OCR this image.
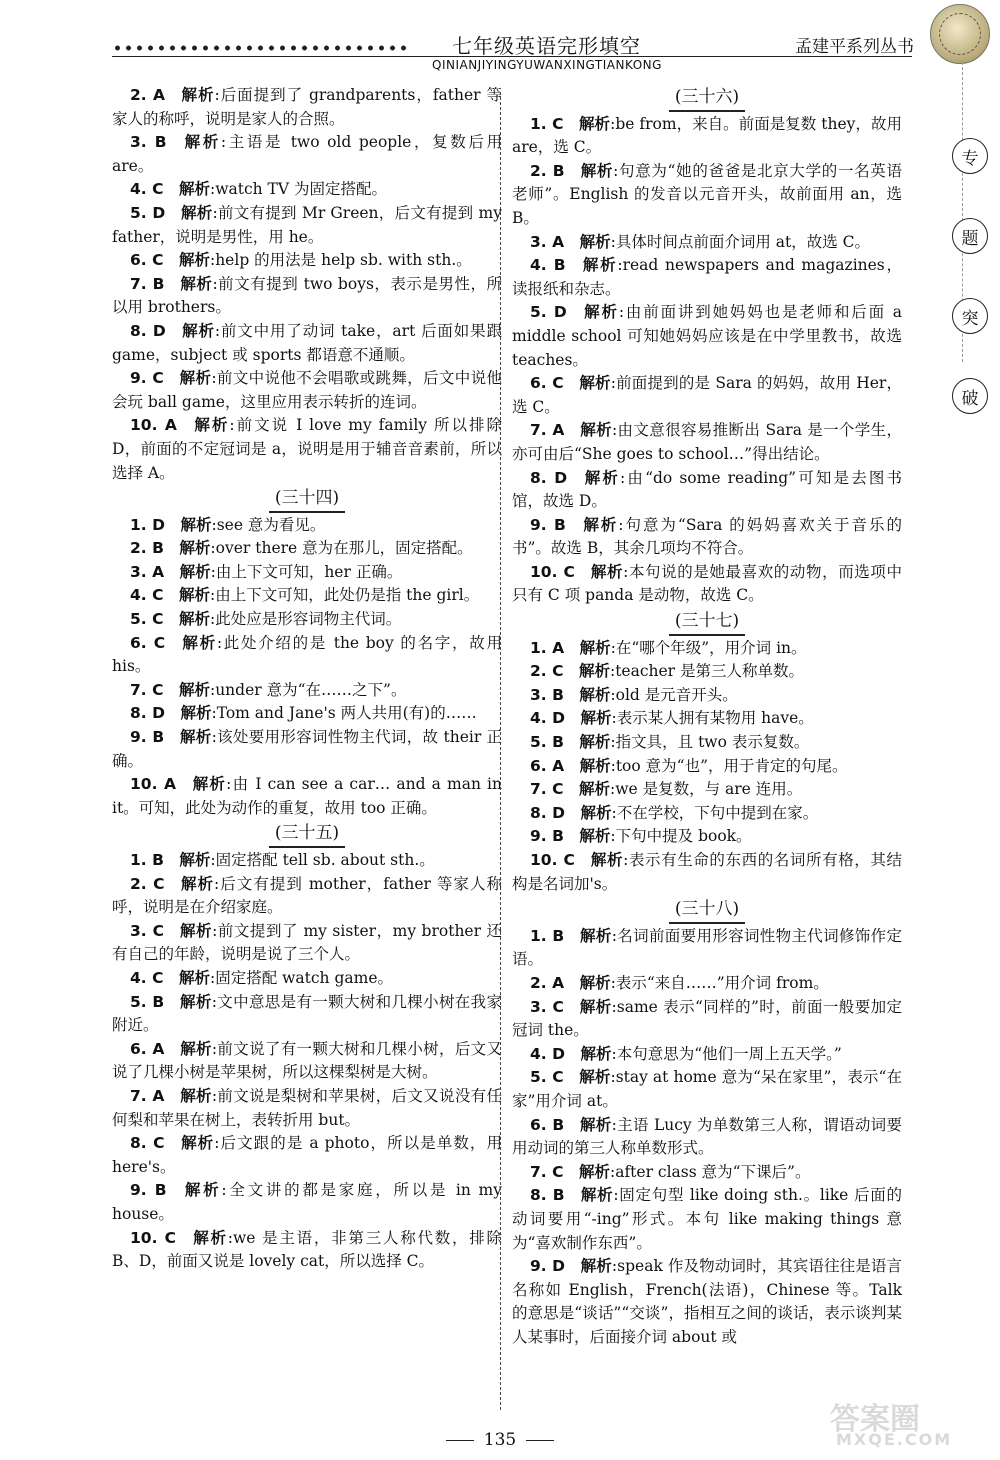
七年级英语完形填空	孟建平系列丛书
QINIANJIYINGYUWANXINGTIANKONG
专
题
突
破

2. A   解析:后面提到了 grandparents，father 等家人的称呼，说明是家人的合照。

3. B   解析:主语是 two old people，复数后用 are。

4. C   解析:watch TV 为固定搭配。

5. D   解析:前文有提到 Mr Green，后文有提到 my father，说明是男性，用 he。

6. C   解析:help 的用法是 help sb. with sth.。

7. B   解析:前文有提到 two boys，表示是男性，所以用 brothers。

8. D   解析:前文中用了动词 take，art 后面如果跟 game，subject 或 sports 都语意不通顺。

9. C   解析:前文中说他不会唱歌或跳舞，后文中说他会玩 ball game，这里应用表示转折的连词。

10. A   解析:前文说 I love my family 所以排除 D，前面的不定冠词是 a，说明是用于辅音音素前，所以选择 A。

(三十四)

1. D   解析:see 意为看见。

2. B   解析:over there 意为在那儿，固定搭配。

3. A   解析:由上下文可知，her 正确。

4. C   解析:由上下文可知，此处仍是指 the girl。

5. C   解析:此处应是形容词物主代词。

6. C   解析:此处介绍的是 the boy 的名字，故用 his。

7. C   解析:under 意为“在……之下”。

8. D   解析:Tom and Jane's 两人共用(有)的……

9. B   解析:该处要用形容词性物主代词，故 their 正确。

10. A   解析:由 I can see a car… and a man in it。可知，此处为动作的重复，故用 too 正确。

(三十五)

1. B   解析:固定搭配 tell sb. about sth.。

2. C   解析:后文有提到 mother，father 等家人称呼，说明是在介绍家庭。

3. C   解析:前文提到了 my sister，my brother 还有自己的年龄，说明是说了三个人。

4. C   解析:固定搭配 watch game。

5. B   解析:文中意思是有一颗大树和几棵小树在我家附近。

6. A   解析:前文说了有一颗大树和几棵小树，后文又说了几棵小树是苹果树，所以这棵梨树是大树。

7. A   解析:前文说是梨树和苹果树，后文又说没有任何梨和苹果在树上，表转折用 but。

8. C   解析:后文跟的是 a photo，所以是单数，用 here's。

9. B   解析:全文讲的都是家庭，所以是 in my house。

10. C   解析:we 是主语，非第三人称代数，排除 B、D，前面又说是 lovely cat，所以选择 C。

(三十六)

1. C   解析:be from，来自。前面是复数 they，故用 are，选 C。

2. B   解析:句意为“她的爸爸是北京大学的一名英语老师”。English 的发音以元音开头，故前面用 an，选 B。

3. A   解析:具体时间点前面介词用 at，故选 C。

4. B   解析:read newspapers and magazines，读报纸和杂志。

5. D   解析:由前面讲到她妈妈也是老师和后面 a middle school 可知她妈妈应该是在中学里教书，故选 teaches。

6. C   解析:前面提到的是 Sara 的妈妈，故用 Her，选 C。

7. A   解析:由文意很容易推断出 Sara 是一个学生，亦可由后“She goes to school…”得出结论。

8. D   解析:由“do some reading”可知是去图书馆，故选 D。

9. B   解析:句意为“Sara 的妈妈喜欢关于音乐的书”。故选 B，其余几项均不符合。

10. C   解析:本句说的是她最喜欢的动物，而选项中只有 C 项 panda 是动物，故选 C。

(三十七)

1. A   解析:在“哪个年级”，用介词 in。

2. C   解析:teacher 是第三人称单数。

3. B   解析:old 是元音开头。

4. D   解析:表示某人拥有某物用 have。

5. B   解析:指文具，且 two 表示复数。

6. A   解析:too 意为“也”，用于肯定的句尾。

7. C   解析:we 是复数，与 are 连用。

8. D   解析:不在学校，下句中提到在家。

9. B   解析:下句中提及 book。

10. C   解析:表示有生命的东西的名词所有格，其结构是名词加's。

(三十八)

1. B   解析:名词前面要用形容词性物主代词修饰作定语。

2. A   解析:表示“来自……”用介词 from。

3. C   解析:same 表示“同样的”时，前面一般要加定冠词 the。

4. D   解析:本句意思为“他们一周上五天学。”

5. C   解析:stay at home 意为“呆在家里”，表示“在家”用介词 at。

6. B   解析:主语 Lucy 为单数第三人称，谓语动词要用动词的第三人称单数形式。

7. C   解析:after class 意为“下课后”。

8. B   解析:固定句型 like doing sth.。like 后面的动词要用“-ing”形式。本句 like making things 意为“喜欢制作东西”。

9. D   解析:speak 作及物动词时，其宾语往往是语言名称如 English，French(法语)，Chinese 等。Talk 的意思是“谈话”“交谈”，指相互之间的谈话，表示谈判某人某事时，后面接介词 about 或

135
答案圈
MXQE.COM
